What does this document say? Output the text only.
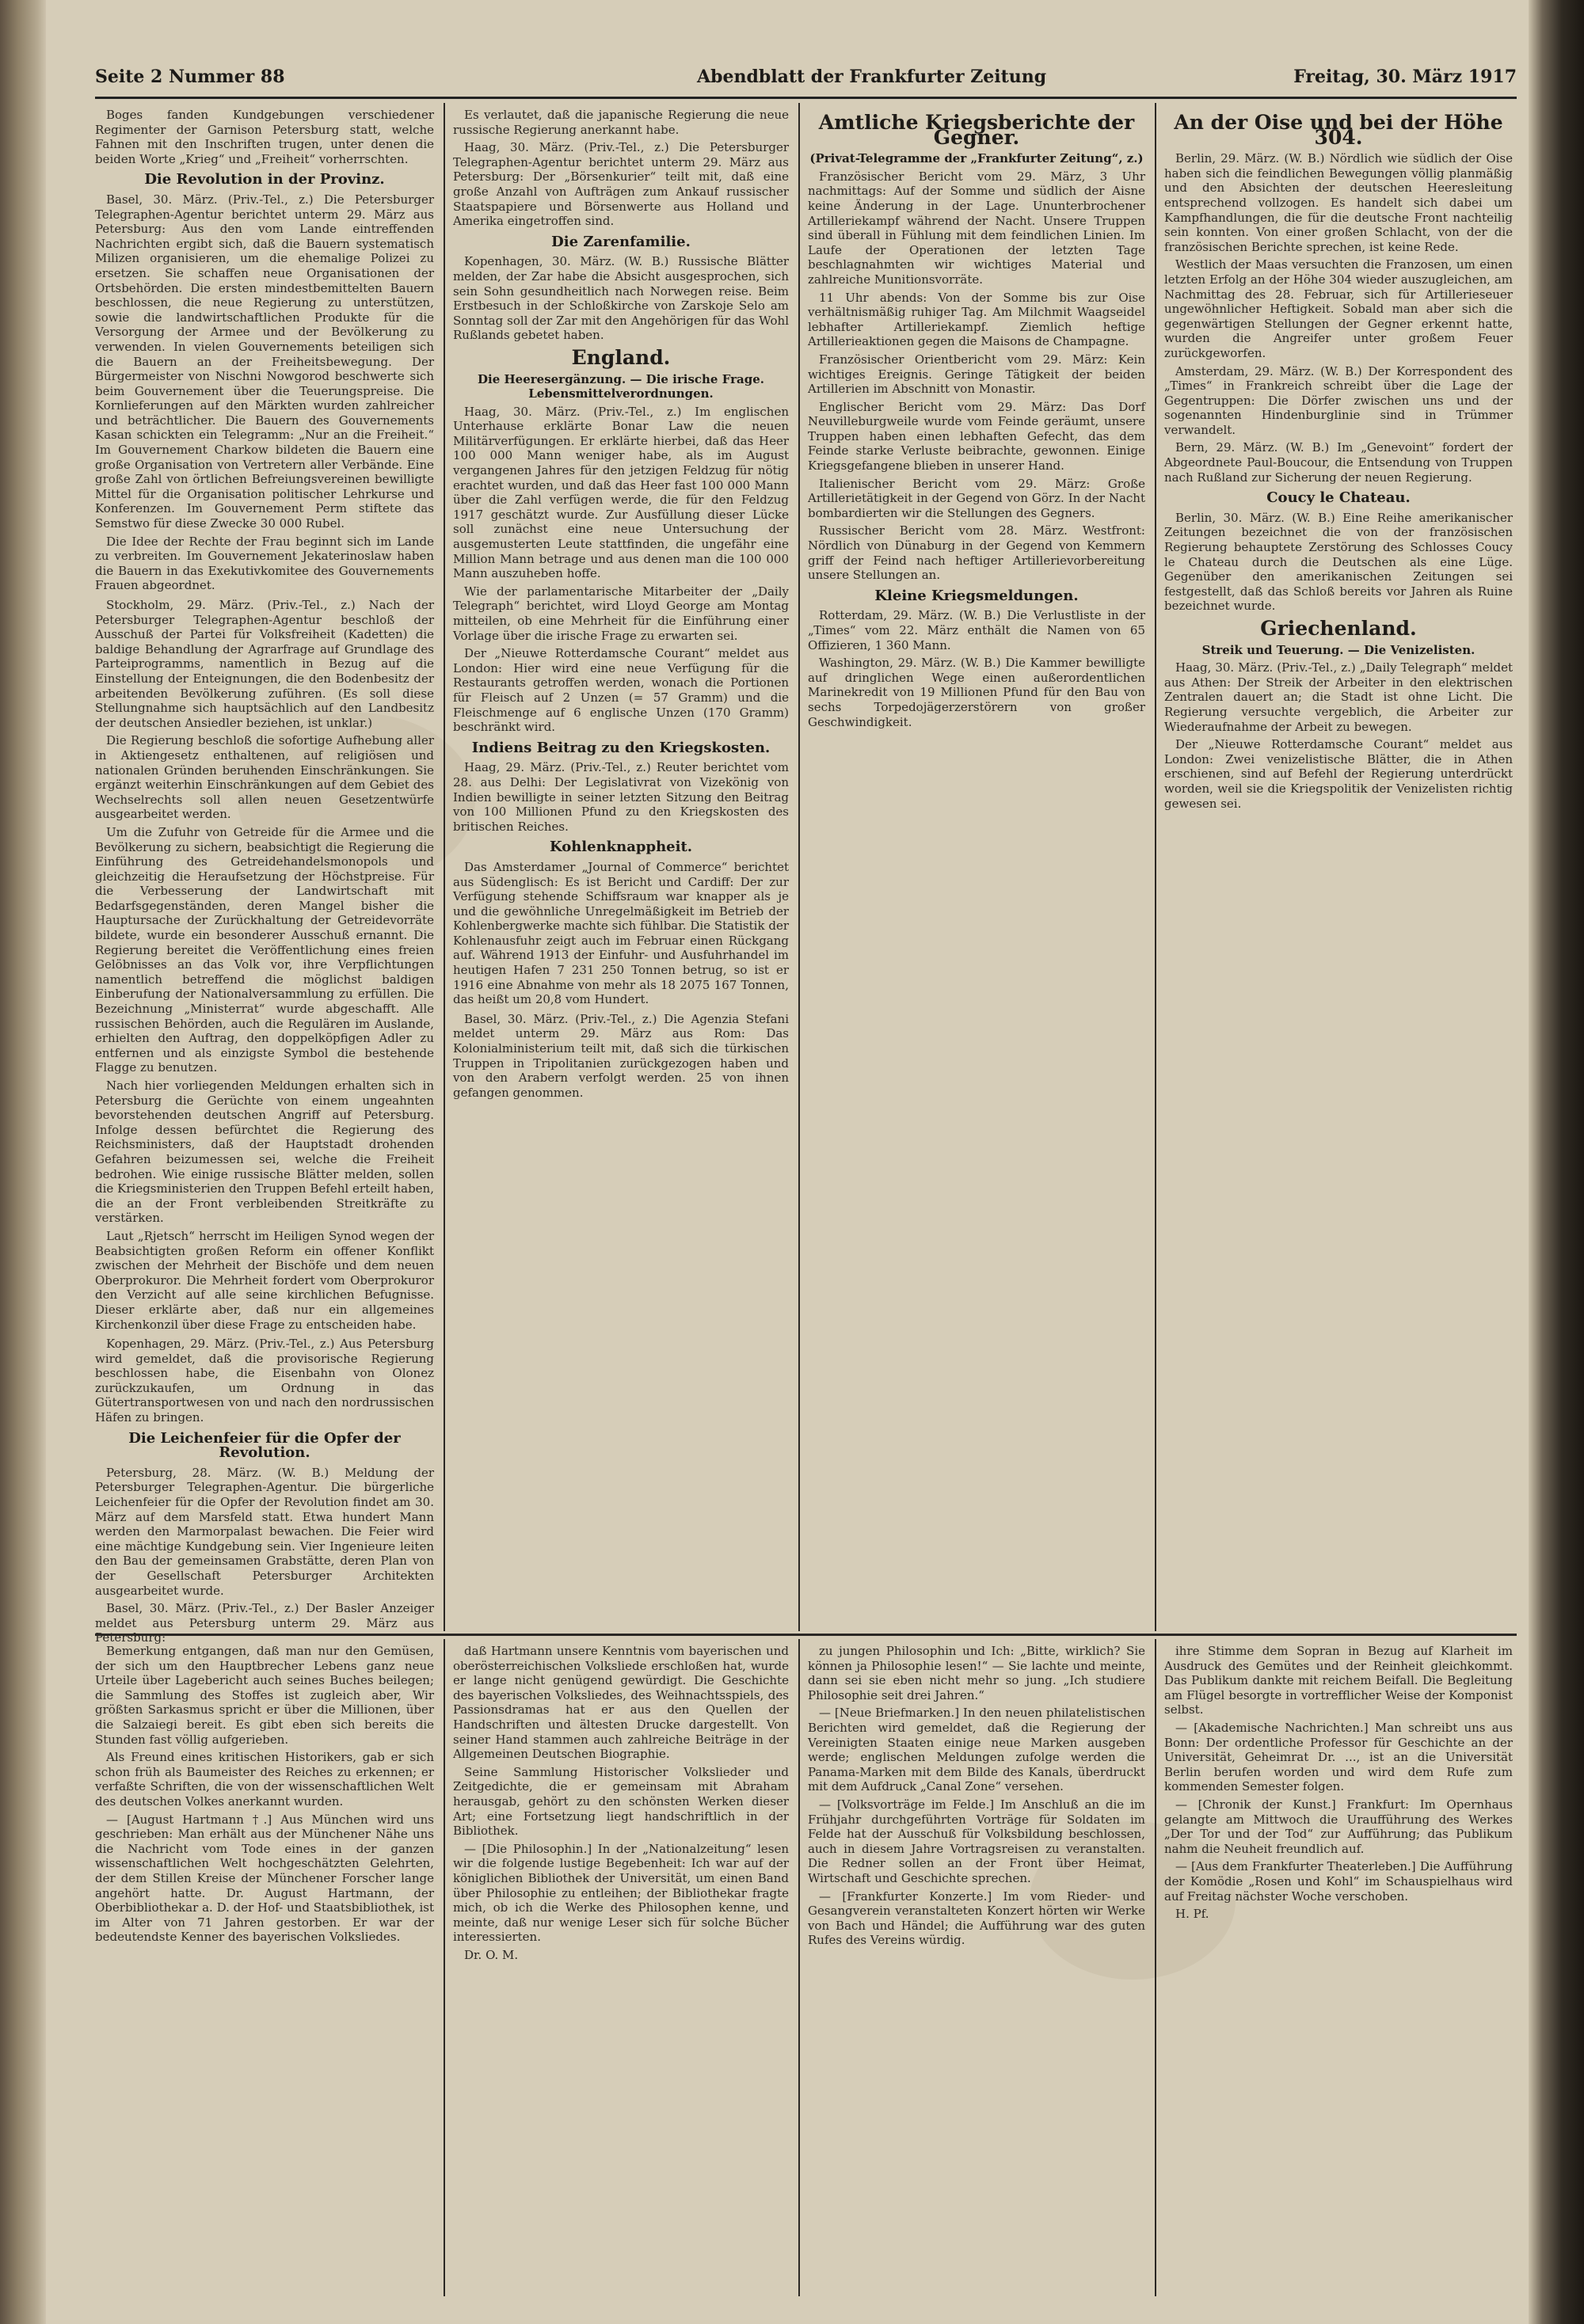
Seite 2 Nummer 88	Abendblatt der Frankfurter Zeitung	Freitag, 30. März 1917

Boges fanden Kundgebungen verschiedener Regimenter der Garnison Petersburg statt, welche Fahnen mit den Inschriften trugen, unter denen die beiden Worte „Krieg“ und „Freiheit“ vorherrschten.

Die Revolution in der Provinz.

Basel, 30. März. (Priv.-Tel., z.) Die Petersburger Telegraphen-Agentur berichtet unterm 29. März aus Petersburg: Aus den vom Lande eintreffenden Nachrichten ergibt sich, daß die Bauern systematisch Milizen organisieren, um die ehemalige Polizei zu ersetzen. Sie schaffen neue Organisationen der Ortsbehörden. Die ersten mindestbemittelten Bauern beschlossen, die neue Regierung zu unterstützen, sowie die landwirtschaftlichen Produkte für die Versorgung der Armee und der Bevölkerung zu verwenden. In vielen Gouvernements beteiligen sich die Bauern an der Freiheitsbewegung. Der Bürgermeister von Nischni Nowgorod beschwerte sich beim Gouvernement über die Teuerungspreise. Die Kornlieferungen auf den Märkten wurden zahlreicher und beträchtlicher. Die Bauern des Gouvernements Kasan schickten ein Telegramm: „Nur an die Freiheit.“ Im Gouvernement Charkow bildeten die Bauern eine große Organisation von Vertretern aller Verbände. Eine große Zahl von örtlichen Befreiungsvereinen bewilligte Mittel für die Organisation politischer Lehrkurse und Konferenzen. Im Gouvernement Perm stiftete das Semstwo für diese Zwecke 30 000 Rubel.

Die Idee der Rechte der Frau beginnt sich im Lande zu verbreiten. Im Gouvernement Jekaterinoslaw haben die Bauern in das Exekutivkomitee des Gouvernements Frauen abgeordnet.

Stockholm, 29. März. (Priv.-Tel., z.) Nach der Petersburger Telegraphen-Agentur beschloß der Ausschuß der Partei für Volksfreiheit (Kadetten) die baldige Behandlung der Agrarfrage auf Grundlage des Parteiprogramms, namentlich in Bezug auf die Einstellung der Enteignungen, die den Bodenbesitz der arbeitenden Bevölkerung zuführen. (Es soll diese Stellungnahme sich hauptsächlich auf den Landbesitz der deutschen Ansiedler beziehen, ist unklar.)

Die Regierung beschloß die sofortige Aufhebung aller in Aktiengesetz enthaltenen, auf religiösen und nationalen Gründen beruhenden Einschränkungen. Sie ergänzt weiterhin Einschränkungen auf dem Gebiet des Wechselrechts soll allen neuen Gesetzentwürfe ausgearbeitet werden.

Um die Zufuhr von Getreide für die Armee und die Bevölkerung zu sichern, beabsichtigt die Regierung die Einführung des Getreidehandelsmonopols und gleichzeitig die Heraufsetzung der Höchstpreise. Für die Verbesserung der Landwirtschaft mit Bedarfsgegenständen, deren Mangel bisher die Hauptursache der Zurückhaltung der Getreidevorräte bildete, wurde ein besonderer Ausschuß ernannt. Die Regierung bereitet die Veröffentlichung eines freien Gelöbnisses an das Volk vor, ihre Verpflichtungen namentlich betreffend die möglichst baldigen Einberufung der Nationalversammlung zu erfüllen. Die Bezeichnung „Ministerrat“ wurde abgeschafft. Alle russischen Behörden, auch die Regulären im Auslande, erhielten den Auftrag, den doppelköpfigen Adler zu entfernen und als einzigste Symbol die bestehende Flagge zu benutzen.

Nach hier vorliegenden Meldungen erhalten sich in Petersburg die Gerüchte von einem ungeahnten bevorstehenden deutschen Angriff auf Petersburg. Infolge dessen befürchtet die Regierung des Reichsministers, daß der Hauptstadt drohenden Gefahren beizumessen sei, welche die Freiheit bedrohen. Wie einige russische Blätter melden, sollen die Kriegsministerien den Truppen Befehl erteilt haben, die an der Front verbleibenden Streitkräfte zu verstärken.

Laut „Rjetsch“ herrscht im Heiligen Synod wegen der Beabsichtigten großen Reform ein offener Konflikt zwischen der Mehrheit der Bischöfe und dem neuen Oberprokuror. Die Mehrheit fordert vom Oberprokuror den Verzicht auf alle seine kirchlichen Befugnisse. Dieser erklärte aber, daß nur ein allgemeines Kirchenkonzil über diese Frage zu entscheiden habe.

Kopenhagen, 29. März. (Priv.-Tel., z.) Aus Petersburg wird gemeldet, daß die provisorische Regierung beschlossen habe, die Eisenbahn von Olonez zurückzukaufen, um Ordnung in das Gütertransportwesen von und nach den nordrussischen Häfen zu bringen.

Die Leichenfeier für die Opfer der Revolution.

Petersburg, 28. März. (W. B.) Meldung der Petersburger Telegraphen-Agentur. Die bürgerliche Leichenfeier für die Opfer der Revolution findet am 30. März auf dem Marsfeld statt. Etwa hundert Mann werden den Marmorpalast bewachen. Die Feier wird eine mächtige Kundgebung sein. Vier Ingenieure leiten den Bau der gemeinsamen Grabstätte, deren Plan von der Gesellschaft Petersburger Architekten ausgearbeitet wurde.

Basel, 30. März. (Priv.-Tel., z.) Der Basler Anzeiger meldet aus Petersburg unterm 29. März aus Petersburg:

Es verlautet, daß die japanische Regierung die neue russische Regierung anerkannt habe.

Haag, 30. März. (Priv.-Tel., z.) Die Petersburger Telegraphen-Agentur berichtet unterm 29. März aus Petersburg: Der „Börsenkurier“ teilt mit, daß eine große Anzahl von Aufträgen zum Ankauf russischer Staatspapiere und Börsenwerte aus Holland und Amerika eingetroffen sind.

Die Zarenfamilie.

Kopenhagen, 30. März. (W. B.) Russische Blätter melden, der Zar habe die Absicht ausgesprochen, sich sein Sohn gesundheitlich nach Norwegen reise. Beim Erstbesuch in der Schloßkirche von Zarskoje Selo am Sonntag soll der Zar mit den Angehörigen für das Wohl Rußlands gebetet haben.

England.
Die Heeresergänzung. — Die irische Frage. Lebensmittelverordnungen.

Haag, 30. März. (Priv.-Tel., z.) Im englischen Unterhause erklärte Bonar Law die neuen Militärverfügungen. Er erklärte hierbei, daß das Heer 100 000 Mann weniger habe, als im August vergangenen Jahres für den jetzigen Feldzug für nötig erachtet wurden, und daß das Heer fast 100 000 Mann über die Zahl verfügen werde, die für den Feldzug 1917 geschätzt wurde. Zur Ausfüllung dieser Lücke soll zunächst eine neue Untersuchung der ausgemusterten Leute stattfinden, die ungefähr eine Million Mann betrage und aus denen man die 100 000 Mann auszuheben hoffe.

Wie der parlamentarische Mitarbeiter der „Daily Telegraph“ berichtet, wird Lloyd George am Montag mitteilen, ob eine Mehrheit für die Einführung einer Vorlage über die irische Frage zu erwarten sei.

Der „Nieuwe Rotterdamsche Courant“ meldet aus London: Hier wird eine neue Verfügung für die Restaurants getroffen werden, wonach die Portionen für Fleisch auf 2 Unzen (= 57 Gramm) und die Fleischmenge auf 6 englische Unzen (170 Gramm) beschränkt wird.

Indiens Beitrag zu den Kriegskosten.

Haag, 29. März. (Priv.-Tel., z.) Reuter berichtet vom 28. aus Delhi: Der Legislativrat von Vizekönig von Indien bewilligte in seiner letzten Sitzung den Beitrag von 100 Millionen Pfund zu den Kriegskosten des britischen Reiches.

Kohlenknappheit.

Das Amsterdamer „Journal of Commerce“ berichtet aus Südenglisch: Es ist Bericht und Cardiff: Der zur Verfügung stehende Schiffsraum war knapper als je und die gewöhnliche Unregelmäßigkeit im Betrieb der Kohlenbergwerke machte sich fühlbar. Die Statistik der Kohlenausfuhr zeigt auch im Februar einen Rückgang auf. Während 1913 der Einfuhr- und Ausfuhrhandel im heutigen Hafen 7 231 250 Tonnen betrug, so ist er 1916 eine Abnahme von mehr als 18 2075 167 Tonnen, das heißt um 20,8 vom Hundert.

Basel, 30. März. (Priv.-Tel., z.) Die Agenzia Stefani meldet unterm 29. März aus Rom: Das Kolonialministerium teilt mit, daß sich die türkischen Truppen in Tripolitanien zurückgezogen haben und von den Arabern verfolgt werden. 25 von ihnen gefangen genommen.

Amtliche Kriegsberichte der Gegner.
(Privat-Telegramme der „Frankfurter Zeitung“, z.)

Französischer Bericht vom 29. März, 3 Uhr nachmittags: Auf der Somme und südlich der Aisne keine Änderung in der Lage. Ununterbrochener Artilleriekampf während der Nacht. Unsere Truppen sind überall in Fühlung mit dem feindlichen Linien. Im Laufe der Operationen der letzten Tage beschlagnahmten wir wichtiges Material und zahlreiche Munitionsvorräte.

11 Uhr abends: Von der Somme bis zur Oise verhältnismäßig ruhiger Tag. Am Milchmit Waagseidel lebhafter Artilleriekampf. Ziemlich heftige Artillerieaktionen gegen die Maisons de Champagne.

Französischer Orientbericht vom 29. März: Kein wichtiges Ereignis. Geringe Tätigkeit der beiden Artillerien im Abschnitt von Monastir.

Englischer Bericht vom 29. März: Das Dorf Neuvilleburgweile wurde vom Feinde geräumt, unsere Truppen haben einen lebhaften Gefecht, das dem Feinde starke Verluste beibrachte, gewonnen. Einige Kriegsgefangene blieben in unserer Hand.

Italienischer Bericht vom 29. März: Große Artillerietätigkeit in der Gegend von Görz. In der Nacht bombardierten wir die Stellungen des Gegners.

Russischer Bericht vom 28. März. Westfront: Nördlich von Dünaburg in der Gegend von Kemmern griff der Feind nach heftiger Artillerievorbereitung unsere Stellungen an.

Kleine Kriegsmeldungen.

Rotterdam, 29. März. (W. B.) Die Verlustliste in der „Times“ vom 22. März enthält die Namen von 65 Offizieren, 1 360 Mann.

Washington, 29. März. (W. B.) Die Kammer bewilligte auf dringlichen Wege einen außerordentlichen Marinekredit von 19 Millionen Pfund für den Bau von sechs Torpedojägerzerstörern von großer Geschwindigkeit.

An der Oise und bei der Höhe 304.

Berlin, 29. März. (W. B.) Nördlich wie südlich der Oise haben sich die feindlichen Bewegungen völlig planmäßig und den Absichten der deutschen Heeresleitung entsprechend vollzogen. Es handelt sich dabei um Kampfhandlungen, die für die deutsche Front nachteilig sein konnten. Von einer großen Schlacht, von der die französischen Berichte sprechen, ist keine Rede.

Westlich der Maas versuchten die Franzosen, um einen letzten Erfolg an der Höhe 304 wieder auszugleichen, am Nachmittag des 28. Februar, sich für Artillerieseuer ungewöhnlicher Heftigkeit. Sobald man aber sich die gegenwärtigen Stellungen der Gegner erkennt hatte, wurden die Angreifer unter großem Feuer zurückgeworfen.

Amsterdam, 29. März. (W. B.) Der Korrespondent des „Times“ in Frankreich schreibt über die Lage der Gegentruppen: Die Dörfer zwischen uns und der sogenannten Hindenburglinie sind in Trümmer verwandelt.

Bern, 29. März. (W. B.) Im „Genevoint“ fordert der Abgeordnete Paul-Boucour, die Entsendung von Truppen nach Rußland zur Sicherung der neuen Regierung.

Coucy le Chateau.

Berlin, 30. März. (W. B.) Eine Reihe amerikanischer Zeitungen bezeichnet die von der französischen Regierung behauptete Zerstörung des Schlosses Coucy le Chateau durch die Deutschen als eine Lüge. Gegenüber den amerikanischen Zeitungen sei festgestellt, daß das Schloß bereits vor Jahren als Ruine bezeichnet wurde.

Griechenland.
Streik und Teuerung. — Die Venizelisten.

Haag, 30. März. (Priv.-Tel., z.) „Daily Telegraph“ meldet aus Athen: Der Streik der Arbeiter in den elektrischen Zentralen dauert an; die Stadt ist ohne Licht. Die Regierung versuchte vergeblich, die Arbeiter zur Wiederaufnahme der Arbeit zu bewegen.

Der „Nieuwe Rotterdamsche Courant“ meldet aus London: Zwei venizelistische Blätter, die in Athen erschienen, sind auf Befehl der Regierung unterdrückt worden, weil sie die Kriegspolitik der Venizelisten richtig gewesen sei.

Bemerkung entgangen, daß man nur den Gemüsen, der sich um den Hauptbrecher Lebens ganz neue Urteile über Lagebericht auch seines Buches beilegen; die Sammlung des Stoffes ist zugleich aber, Wir größten Sarkasmus spricht er über die Millionen, über die Salzaiegi bereit. Es gibt eben sich bereits die Stunden fast völlig aufgerieben.

Als Freund eines kritischen Historikers, gab er sich schon früh als Baumeister des Reiches zu erkennen; er verfaßte Schriften, die von der wissenschaftlichen Welt des deutschen Volkes anerkannt wurden.

— [August Hartmann †.] Aus München wird uns geschrieben: Man erhält aus der Münchener Nähe uns die Nachricht vom Tode eines in der ganzen wissenschaftlichen Welt hochgeschätzten Gelehrten, der dem Stillen Kreise der Münchener Forscher lange angehört hatte. Dr. August Hartmann, der Oberbibliothekar a. D. der Hof- und Staatsbibliothek, ist im Alter von 71 Jahren gestorben. Er war der bedeutendste Kenner des bayerischen Volksliedes.

daß Hartmann unsere Kenntnis vom bayerischen und oberösterreichischen Volksliede erschloßen hat, wurde er lange nicht genügend gewürdigt. Die Geschichte des bayerischen Volksliedes, des Weihnachtsspiels, des Passionsdramas hat er aus den Quellen der Handschriften und ältesten Drucke dargestellt. Von seiner Hand stammen auch zahlreiche Beiträge in der Allgemeinen Deutschen Biographie.

Seine Sammlung Historischer Volkslieder und Zeitgedichte, die er gemeinsam mit Abraham herausgab, gehört zu den schönsten Werken dieser Art; eine Fortsetzung liegt handschriftlich in der Bibliothek.

— [Die Philosophin.] In der „Nationalzeitung“ lesen wir die folgende lustige Begebenheit: Ich war auf der königlichen Bibliothek der Universität, um einen Band über Philosophie zu entleihen; der Bibliothekar fragte mich, ob ich die Werke des Philosophen kenne, und meinte, daß nur wenige Leser sich für solche Bücher interessierten.

Dr. O. M.

zu jungen Philosophin und Ich: „Bitte, wirklich? Sie können ja Philosophie lesen!“ — Sie lachte und meinte, dann sei sie eben nicht mehr so jung. „Ich studiere Philosophie seit drei Jahren.“

— [Neue Briefmarken.] In den neuen philatelistischen Berichten wird gemeldet, daß die Regierung der Vereinigten Staaten einige neue Marken ausgeben werde; englischen Meldungen zufolge werden die Panama-Marken mit dem Bilde des Kanals, überdruckt mit dem Aufdruck „Canal Zone“ versehen.

— [Volksvorträge im Felde.] Im Anschluß an die im Frühjahr durchgeführten Vorträge für Soldaten im Felde hat der Ausschuß für Volksbildung beschlossen, auch in diesem Jahre Vortragsreisen zu veranstalten. Die Redner sollen an der Front über Heimat, Wirtschaft und Geschichte sprechen.

— [Frankfurter Konzerte.] Im vom Rieder- und Gesangverein veranstalteten Konzert hörten wir Werke von Bach und Händel; die Aufführung war des guten Rufes des Vereins würdig.

ihre Stimme dem Sopran in Bezug auf Klarheit im Ausdruck des Gemütes und der Reinheit gleichkommt. Das Publikum dankte mit reichem Beifall. Die Begleitung am Flügel besorgte in vortrefflicher Weise der Komponist selbst.

— [Akademische Nachrichten.] Man schreibt uns aus Bonn: Der ordentliche Professor für Geschichte an der Universität, Geheimrat Dr. ..., ist an die Universität Berlin berufen worden und wird dem Rufe zum kommenden Semester folgen.

— [Chronik der Kunst.] Frankfurt: Im Opernhaus gelangte am Mittwoch die Uraufführung des Werkes „Der Tor und der Tod“ zur Aufführung; das Publikum nahm die Neuheit freundlich auf.

— [Aus dem Frankfurter Theaterleben.] Die Aufführung der Komödie „Rosen und Kohl“ im Schauspielhaus wird auf Freitag nächster Woche verschoben.

H. Pf.
